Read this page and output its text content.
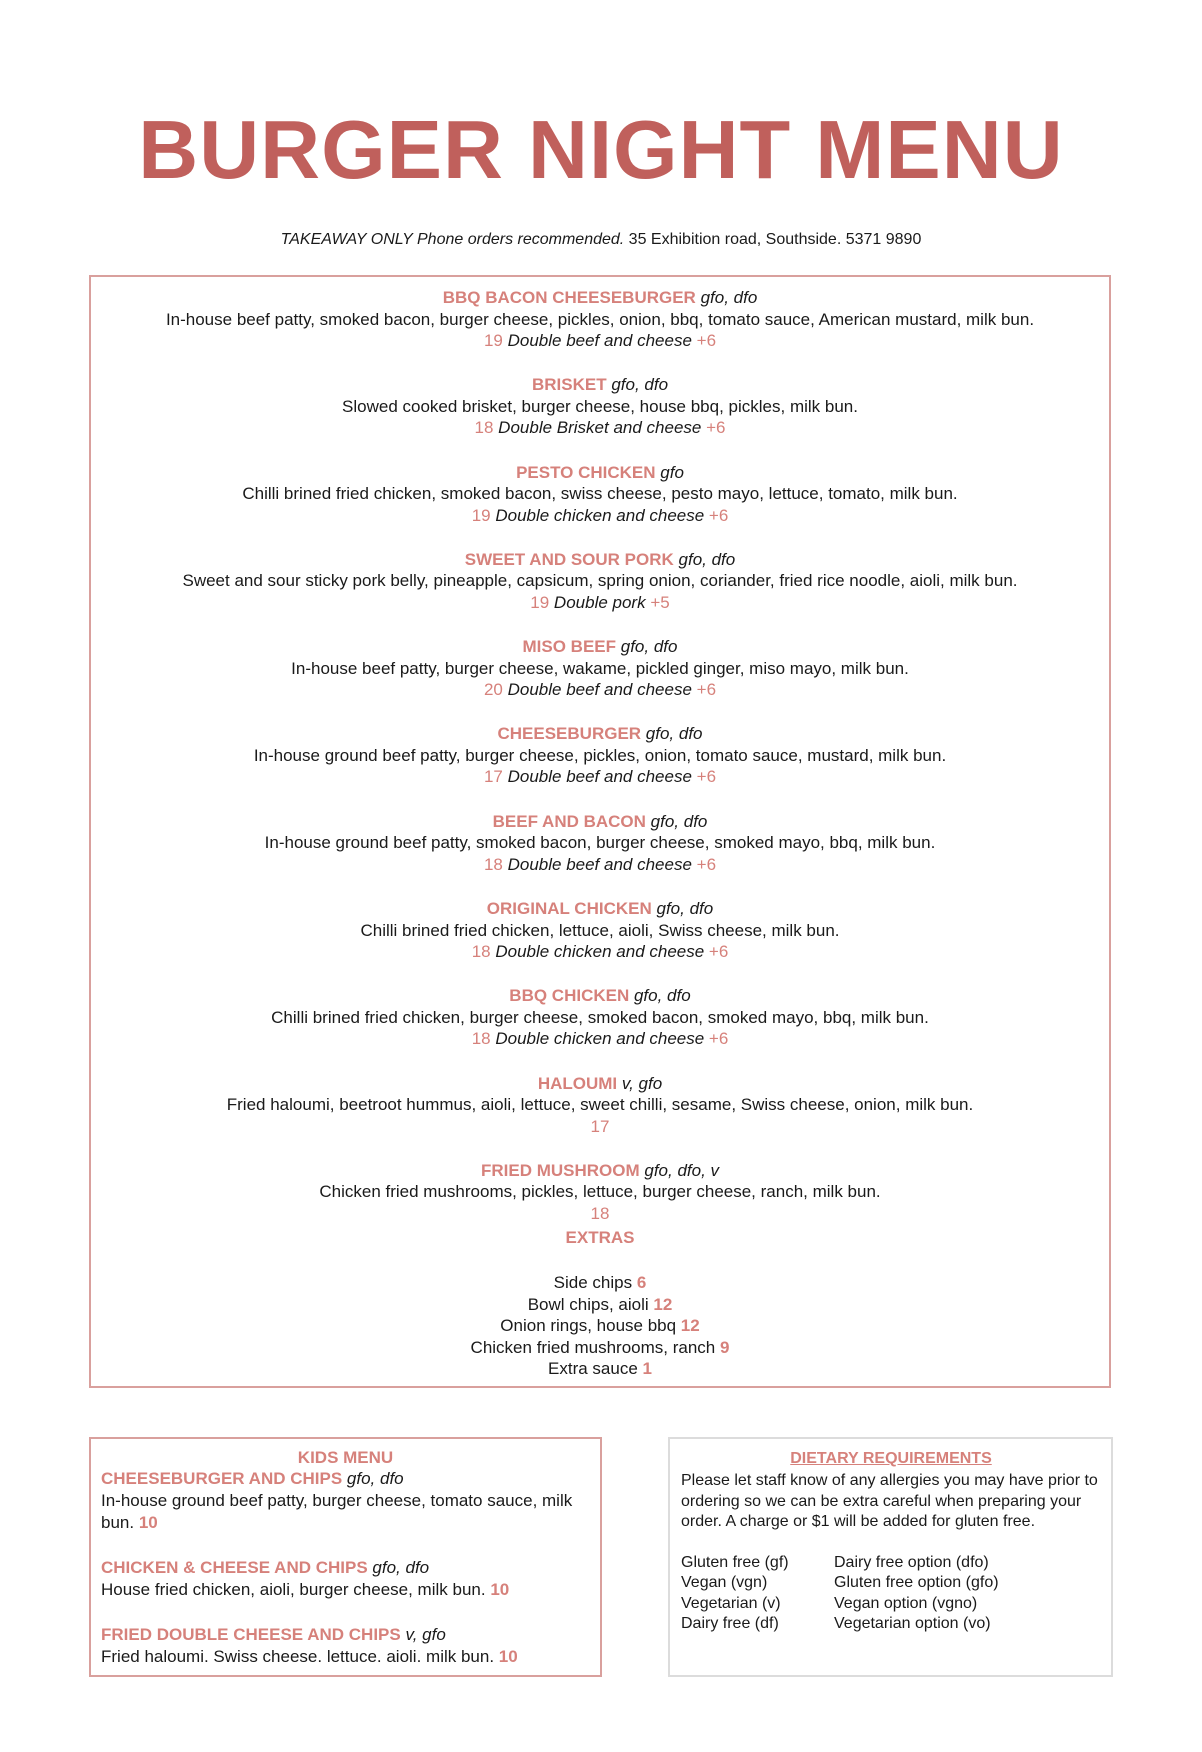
BURGER NIGHT MENU
TAKEAWAY ONLY Phone orders recommended. 35 Exhibition road, Southside. 5371 9890
BBQ BACON CHEESEBURGER gfo, dfo
In-house beef patty, smoked bacon, burger cheese, pickles, onion, bbq, tomato sauce, American mustard, milk bun.
19 Double beef and cheese +6
BRISKET gfo, dfo
Slowed cooked brisket, burger cheese, house bbq, pickles, milk bun.
18 Double Brisket and cheese +6
PESTO CHICKEN gfo
Chilli brined fried chicken, smoked bacon, swiss cheese, pesto mayo, lettuce, tomato, milk bun.
19 Double chicken and cheese +6
SWEET AND SOUR PORK gfo, dfo
Sweet and sour sticky pork belly, pineapple, capsicum, spring onion, coriander, fried rice noodle, aioli, milk bun.
19 Double pork +5
MISO BEEF gfo, dfo
In-house beef patty, burger cheese, wakame, pickled ginger, miso mayo, milk bun.
20 Double beef and cheese +6
CHEESEBURGER gfo, dfo
In-house ground beef patty, burger cheese, pickles, onion, tomato sauce, mustard, milk bun.
17 Double beef and cheese +6
BEEF AND BACON gfo, dfo
In-house ground beef patty, smoked bacon, burger cheese, smoked mayo, bbq, milk bun.
18 Double beef and cheese +6
ORIGINAL CHICKEN gfo, dfo
Chilli brined fried chicken, lettuce, aioli, Swiss cheese, milk bun.
18 Double chicken and cheese +6
BBQ CHICKEN gfo, dfo
Chilli brined fried chicken, burger cheese, smoked bacon, smoked mayo, bbq, milk bun.
18 Double chicken and cheese +6
HALOUMI v, gfo
Fried haloumi, beetroot hummus, aioli, lettuce, sweet chilli, sesame, Swiss cheese, onion, milk bun.
17
FRIED MUSHROOM gfo, dfo, v
Chicken fried mushrooms, pickles, lettuce, burger cheese, ranch, milk bun.
18
EXTRAS
Side chips 6
Bowl chips, aioli 12
Onion rings, house bbq 12
Chicken fried mushrooms, ranch 9
Extra sauce 1
KIDS MENU
CHEESEBURGER AND CHIPS gfo, dfo
In-house ground beef patty, burger cheese, tomato sauce, milk bun. 10
CHICKEN & CHEESE AND CHIPS gfo, dfo
House fried chicken, aioli, burger cheese, milk bun. 10
FRIED DOUBLE CHEESE AND CHIPS v, gfo
Fried haloumi. Swiss cheese. lettuce. aioli. milk bun. 10
DIETARY REQUIREMENTS
Please let staff know of any allergies you may have prior to ordering so we can be extra careful when preparing your order. A charge or $1 will be added for gluten free.
Gluten free (gf)
Vegan (vgn)
Vegetarian (v)
Dairy free (df)
Dairy free option (dfo)
Gluten free option (gfo)
Vegan option (vgno)
Vegetarian option (vo)
